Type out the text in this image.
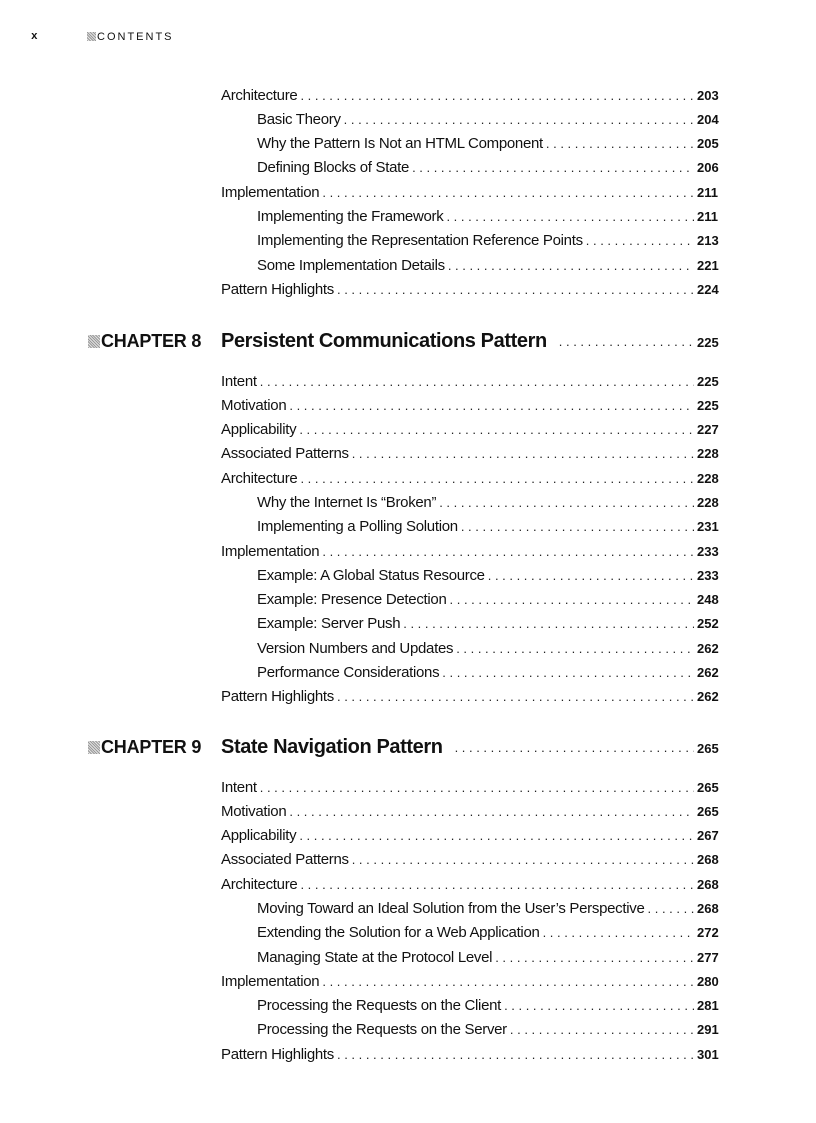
x	CONTENTS
Architecture .....	203
Basic Theory .....	204
Why the Pattern Is Not an HTML Component .....	205
Defining Blocks of State .....	206
Implementation .....	211
Implementing the Framework .....	211
Implementing the Representation Reference Points .....	213
Some Implementation Details .....	221
Pattern Highlights .....	224
CHAPTER 8 Persistent Communications Pattern .....	225
Intent .....	225
Motivation .....	225
Applicability .....	227
Associated Patterns .....	228
Architecture .....	228
Why the Internet Is “Broken” .....	228
Implementing a Polling Solution .....	231
Implementation .....	233
Example: A Global Status Resource .....	233
Example: Presence Detection .....	248
Example: Server Push .....	252
Version Numbers and Updates .....	262
Performance Considerations .....	262
Pattern Highlights .....	262
CHAPTER 9 State Navigation Pattern .....	265
Intent .....	265
Motivation .....	265
Applicability .....	267
Associated Patterns .....	268
Architecture .....	268
Moving Toward an Ideal Solution from the User’s Perspective .....	268
Extending the Solution for a Web Application .....	272
Managing State at the Protocol Level .....	277
Implementation .....	280
Processing the Requests on the Client .....	281
Processing the Requests on the Server .....	291
Pattern Highlights .....	301
